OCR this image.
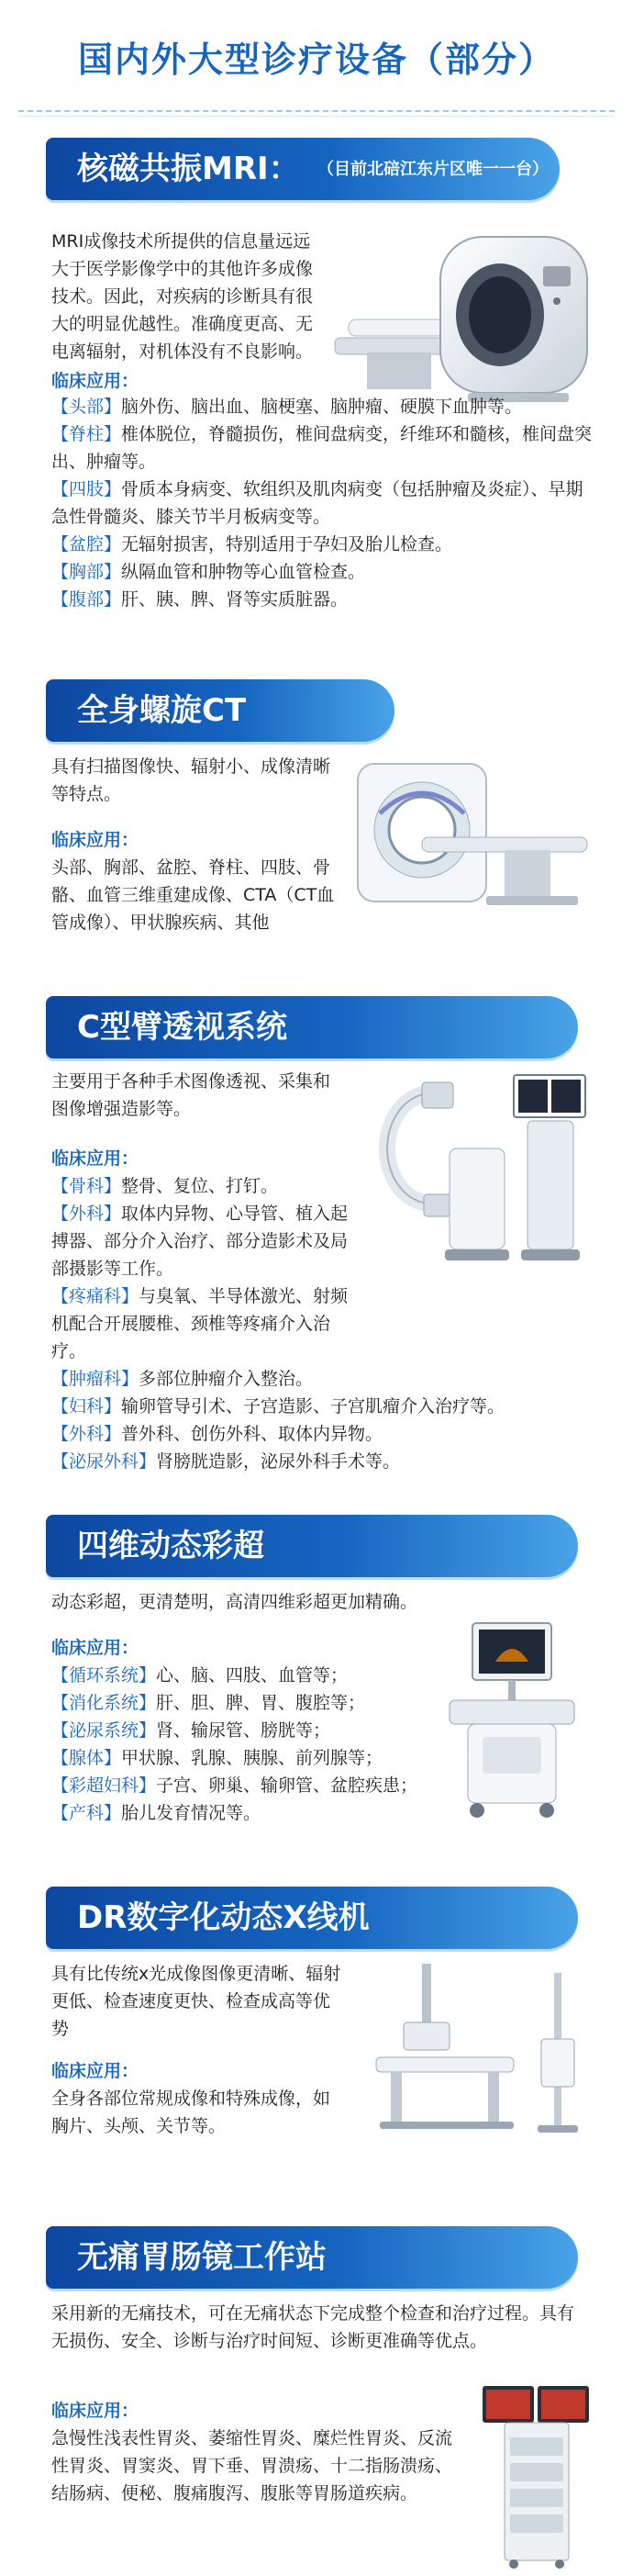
国内外大型诊疗设备（部分）
核磁共振MRI： （目前北碚江东片区唯一一台）
MRI成像技术所提供的信息量远远大于医学影像学中的其他许多成像技术。因此，对疾病的诊断具有很大的明显优越性。准确度更高、无电离辐射，对机体没有不良影响。
临床应用：
【头部】脑外伤、脑出血、脑梗塞、脑肿瘤、硬膜下血肿等。
【脊柱】椎体脱位，脊髓损伤，椎间盘病变，纤维环和髓核，椎间盘突出、肿瘤等。
【四肢】骨质本身病变、软组织及肌肉病变（包括肿瘤及炎症）、早期急性骨髓炎、膝关节半月板病变等。
【盆腔】无辐射损害，特别适用于孕妇及胎儿检查。
【胸部】纵隔血管和肿物等心血管检查。
【腹部】肝、胰、脾、肾等实质脏器。
全身螺旋CT
具有扫描图像快、辐射小、成像清晰等特点。
临床应用：
头部、胸部、盆腔、脊柱、四肢、骨骼、血管三维重建成像、CTA（CT血管成像）、甲状腺疾病、其他
C型臂透视系统
主要用于各种手术图像透视、采集和图像增强造影等。
临床应用：
【骨科】整骨、复位、打钉。
【外科】取体内异物、心导管、植入起搏器、部分介入治疗、部分造影术及局部摄影等工作。
【疼痛科】与臭氧、半导体激光、射频机配合开展腰椎、颈椎等疼痛介入治疗。
【肿瘤科】多部位肿瘤介入整治。
【妇科】输卵管导引术、子宫造影、子宫肌瘤介入治疗等。
【外科】普外科、创伤外科、取体内异物。
【泌尿外科】肾膀胱造影，泌尿外科手术等。
四维动态彩超
动态彩超，更清楚明，高清四维彩超更加精确。
临床应用：
【循环系统】心、脑、四肢、血管等；
【消化系统】肝、胆、脾、胃、腹腔等；
【泌尿系统】肾、输尿管、膀胱等；
【腺体】甲状腺、乳腺、胰腺、前列腺等；
【彩超妇科】子宫、卵巢、输卵管、盆腔疾患；
【产科】胎儿发育情况等。
DR数字化动态X线机
具有比传统x光成像图像更清晰、辐射更低、检查速度更快、检查成高等优势
临床应用：
全身各部位常规成像和特殊成像，如胸片、头颅、关节等。
无痛胃肠镜工作站
采用新的无痛技术，可在无痛状态下完成整个检查和治疗过程。具有无损伤、安全、诊断与治疗时间短、诊断更准确等优点。
临床应用：
急慢性浅表性胃炎、萎缩性胃炎、糜烂性胃炎、反流性胃炎、胃窦炎、胃下垂、胃溃疡、十二指肠溃疡、结肠病、便秘、腹痛腹泻、腹胀等胃肠道疾病。
